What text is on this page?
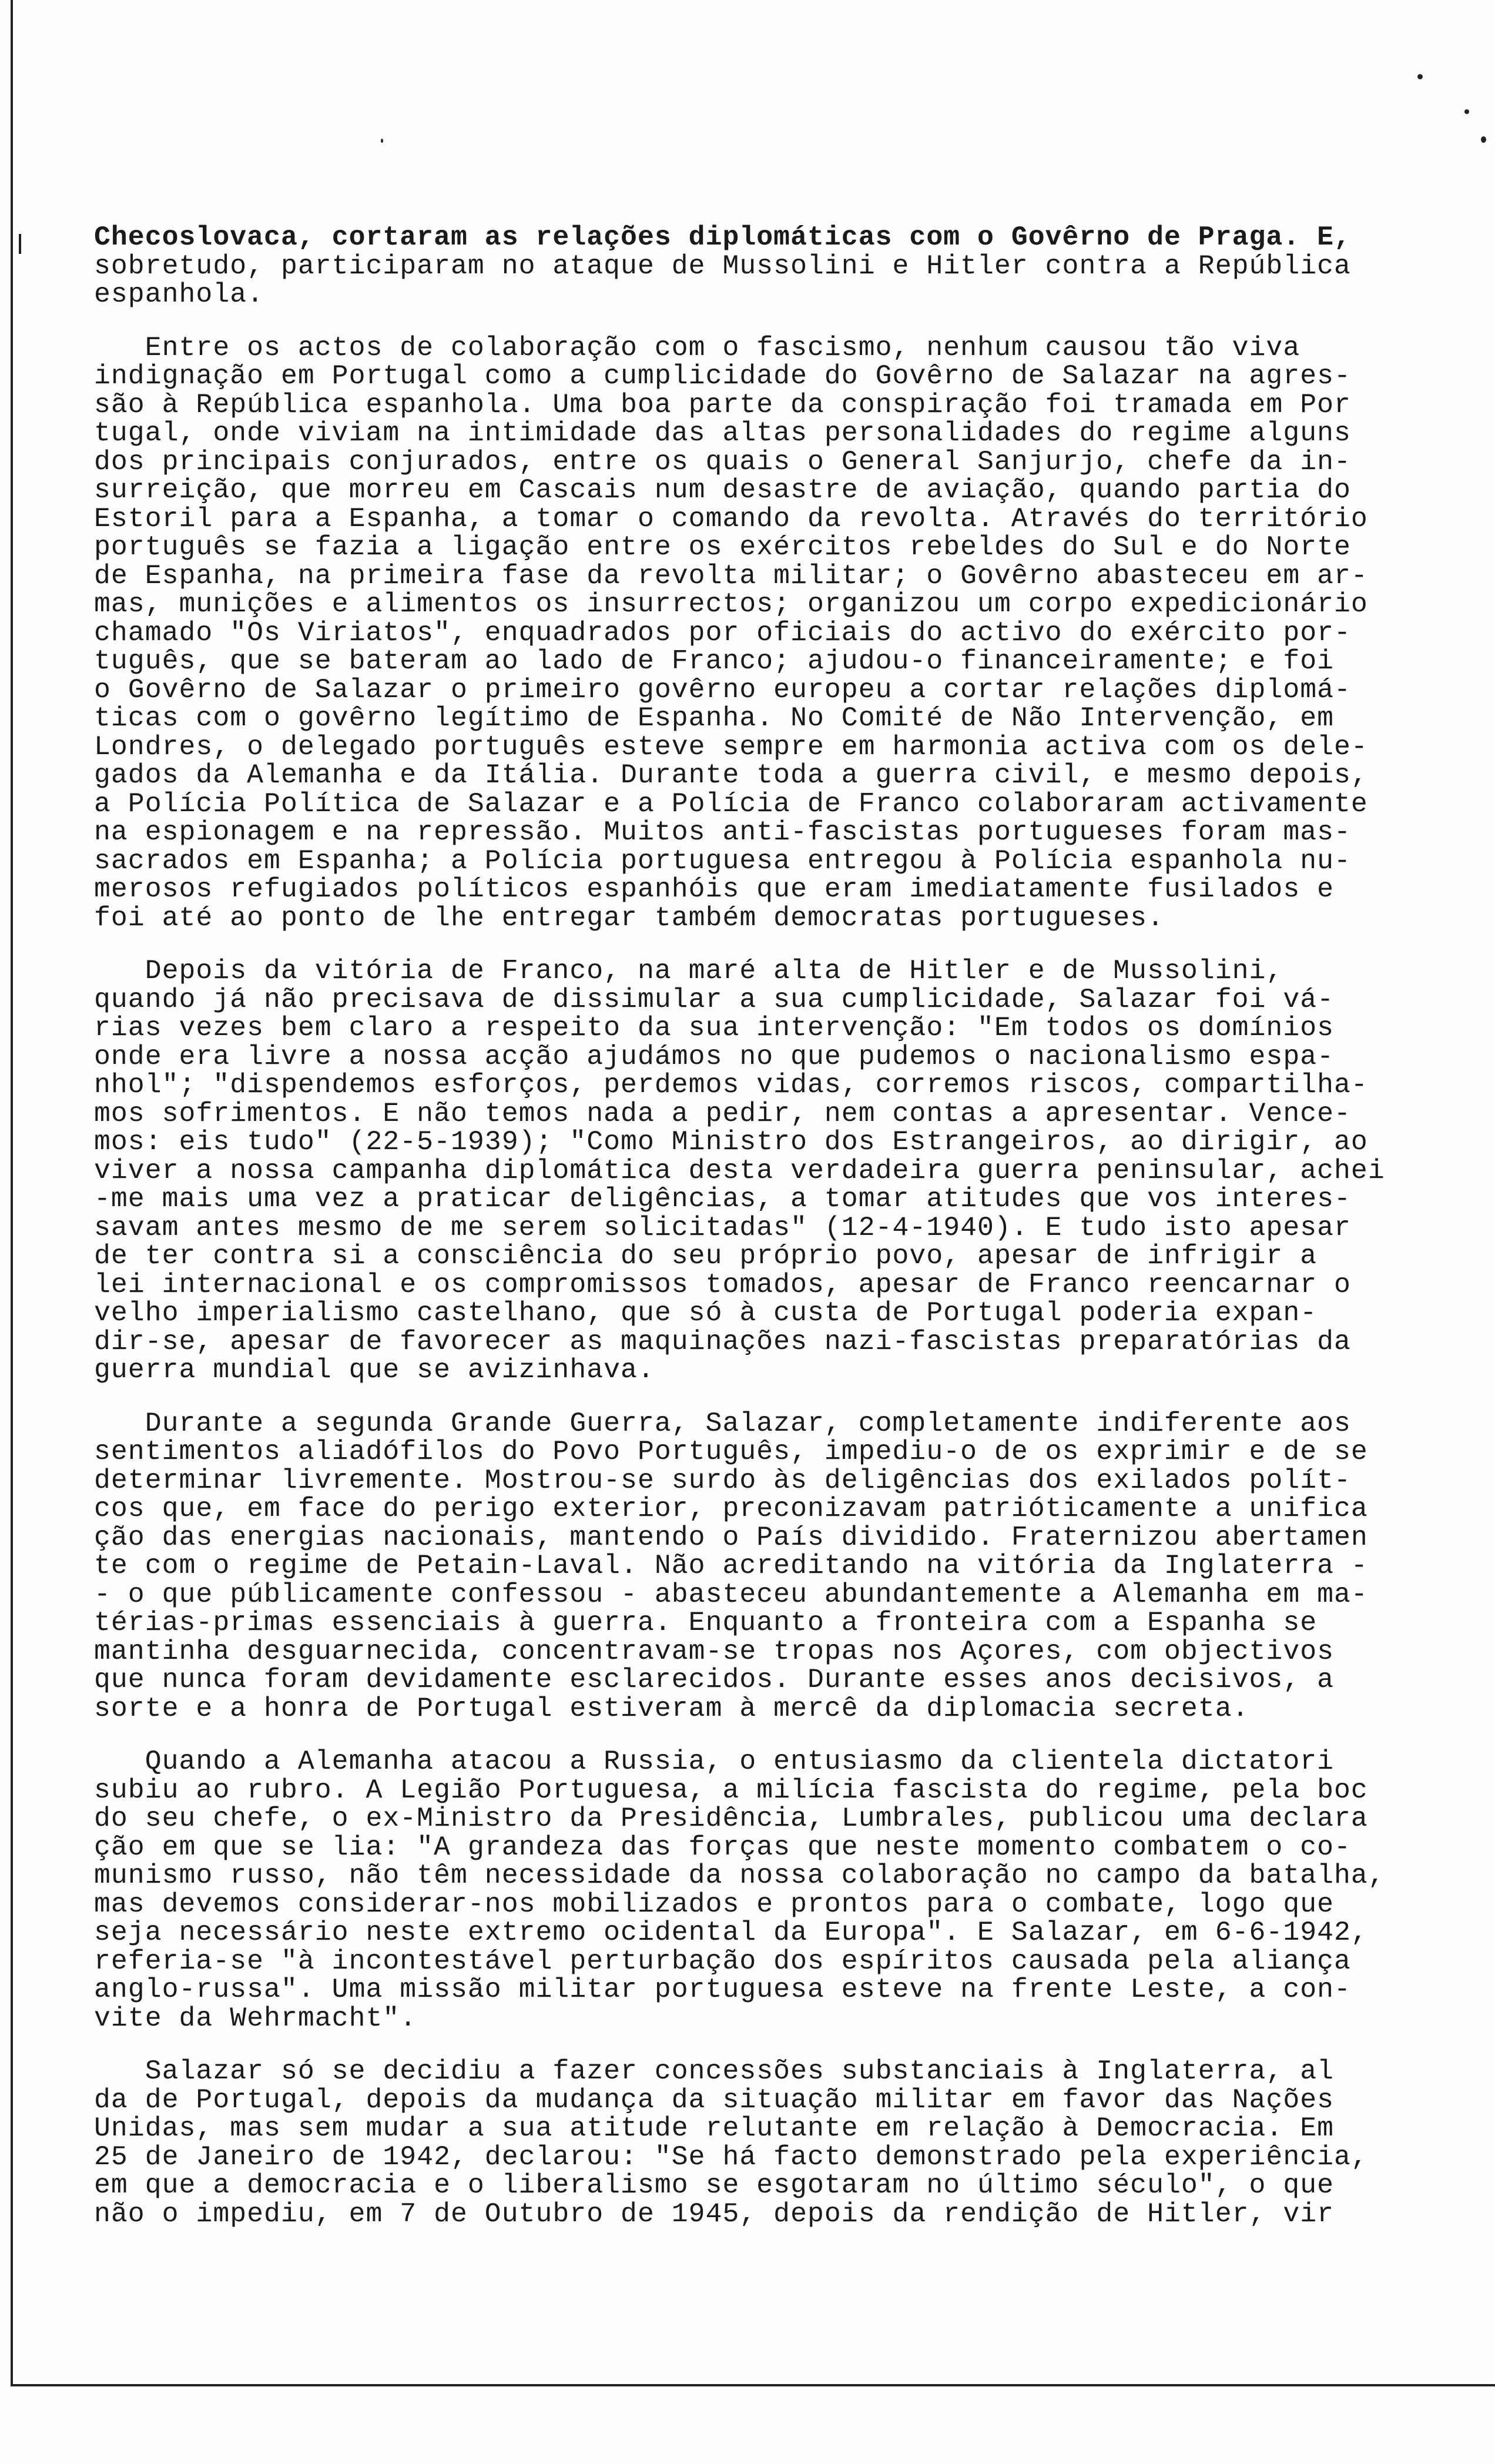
Checoslovaca, cortaram as relações diplomáticas com o Govêrno de Praga. E,
sobretudo, participaram no ataque de Mussolini e Hitler contra a República
espanhola.

Entre os actos de colaboração com o fascismo, nenhum causou tão viva
indignação em Portugal como a cumplicidade do Govêrno de Salazar na agres-
são à República espanhola. Uma boa parte da conspiração foi tramada em Por
tugal, onde viviam na intimidade das altas personalidades do regime alguns
dos principais conjurados, entre os quais o General Sanjurjo, chefe da in-
surreição, que morreu em Cascais num desastre de aviação, quando partia do
Estoril para a Espanha, a tomar o comando da revolta. Através do território
português se fazia a ligação entre os exércitos rebeldes do Sul e do Norte
de Espanha, na primeira fase da revolta militar; o Govêrno abasteceu em ar-
mas, munições e alimentos os insurrectos; organizou um corpo expedicionário
chamado "Os Viriatos", enquadrados por oficiais do activo do exército por-
tuguês, que se bateram ao lado de Franco; ajudou-o financeiramente; e foi
o Govêrno de Salazar o primeiro govêrno europeu a cortar relações diplomá-
ticas com o govêrno legítimo de Espanha. No Comité de Não Intervenção, em
Londres, o delegado português esteve sempre em harmonia activa com os dele-
gados da Alemanha e da Itália. Durante toda a guerra civil, e mesmo depois,
a Polícia Política de Salazar e a Polícia de Franco colaboraram activamente
na espionagem e na repressão. Muitos anti-fascistas portugueses foram mas-
sacrados em Espanha; a Polícia portuguesa entregou à Polícia espanhola nu-
merosos refugiados políticos espanhóis que eram imediatamente fusilados e
foi até ao ponto de lhe entregar também democratas portugueses.

Depois da vitória de Franco, na maré alta de Hitler e de Mussolini,
quando já não precisava de dissimular a sua cumplicidade, Salazar foi vá-
rias vezes bem claro a respeito da sua intervenção: "Em todos os domínios
onde era livre a nossa acção ajudámos no que pudemos o nacionalismo espa-
nhol"; "dispendemos esforços, perdemos vidas, corremos riscos, compartilha-
mos sofrimentos. E não temos nada a pedir, nem contas a apresentar. Vence-
mos: eis tudo" (22-5-1939); "Como Ministro dos Estrangeiros, ao dirigir, ao
viver a nossa campanha diplomática desta verdadeira guerra peninsular, achei
-me mais uma vez a praticar deligências, a tomar atitudes que vos interes-
savam antes mesmo de me serem solicitadas" (12-4-1940). E tudo isto apesar
de ter contra si a consciência do seu próprio povo, apesar de infrigir a
lei internacional e os compromissos tomados, apesar de Franco reencarnar o
velho imperialismo castelhano, que só à custa de Portugal poderia expan-
dir-se, apesar de favorecer as maquinações nazi-fascistas preparatórias da
guerra mundial que se avizinhava.

Durante a segunda Grande Guerra, Salazar, completamente indiferente aos
sentimentos aliadófilos do Povo Português, impediu-o de os exprimir e de se
determinar livremente. Mostrou-se surdo às deligências dos exilados polít-
cos que, em face do perigo exterior, preconizavam patrióticamente a unifica
ção das energias nacionais, mantendo o País dividido. Fraternizou abertamen
te com o regime de Petain-Laval. Não acreditando na vitória da Inglaterra -
- o que públicamente confessou - abasteceu abundantemente a Alemanha em ma-
térias-primas essenciais à guerra. Enquanto a fronteira com a Espanha se
mantinha desguarnecida, concentravam-se tropas nos Açores, com objectivos
que nunca foram devidamente esclarecidos. Durante esses anos decisivos, a
sorte e a honra de Portugal estiveram à mercê da diplomacia secreta.

Quando a Alemanha atacou a Russia, o entusiasmo da clientela dictatori
subiu ao rubro. A Legião Portuguesa, a milícia fascista do regime, pela boc
do seu chefe, o ex-Ministro da Presidência, Lumbrales, publicou uma declara
ção em que se lia: "A grandeza das forças que neste momento combatem o co-
munismo russo, não têm necessidade da nossa colaboração no campo da batalha,
mas devemos considerar-nos mobilizados e prontos para o combate, logo que
seja necessário neste extremo ocidental da Europa". E Salazar, em 6-6-1942,
referia-se "à incontestável perturbação dos espíritos causada pela aliança
anglo-russa". Uma missão militar portuguesa esteve na frente Leste, a con-
vite da Wehrmacht".

Salazar só se decidiu a fazer concessões substanciais à Inglaterra, al
da de Portugal, depois da mudança da situação militar em favor das Nações
Unidas, mas sem mudar a sua atitude relutante em relação à Democracia. Em
25 de Janeiro de 1942, declarou: "Se há facto demonstrado pela experiência,
em que a democracia e o liberalismo se esgotaram no último século", o que
não o impediu, em 7 de Outubro de 1945, depois da rendição de Hitler, vir
